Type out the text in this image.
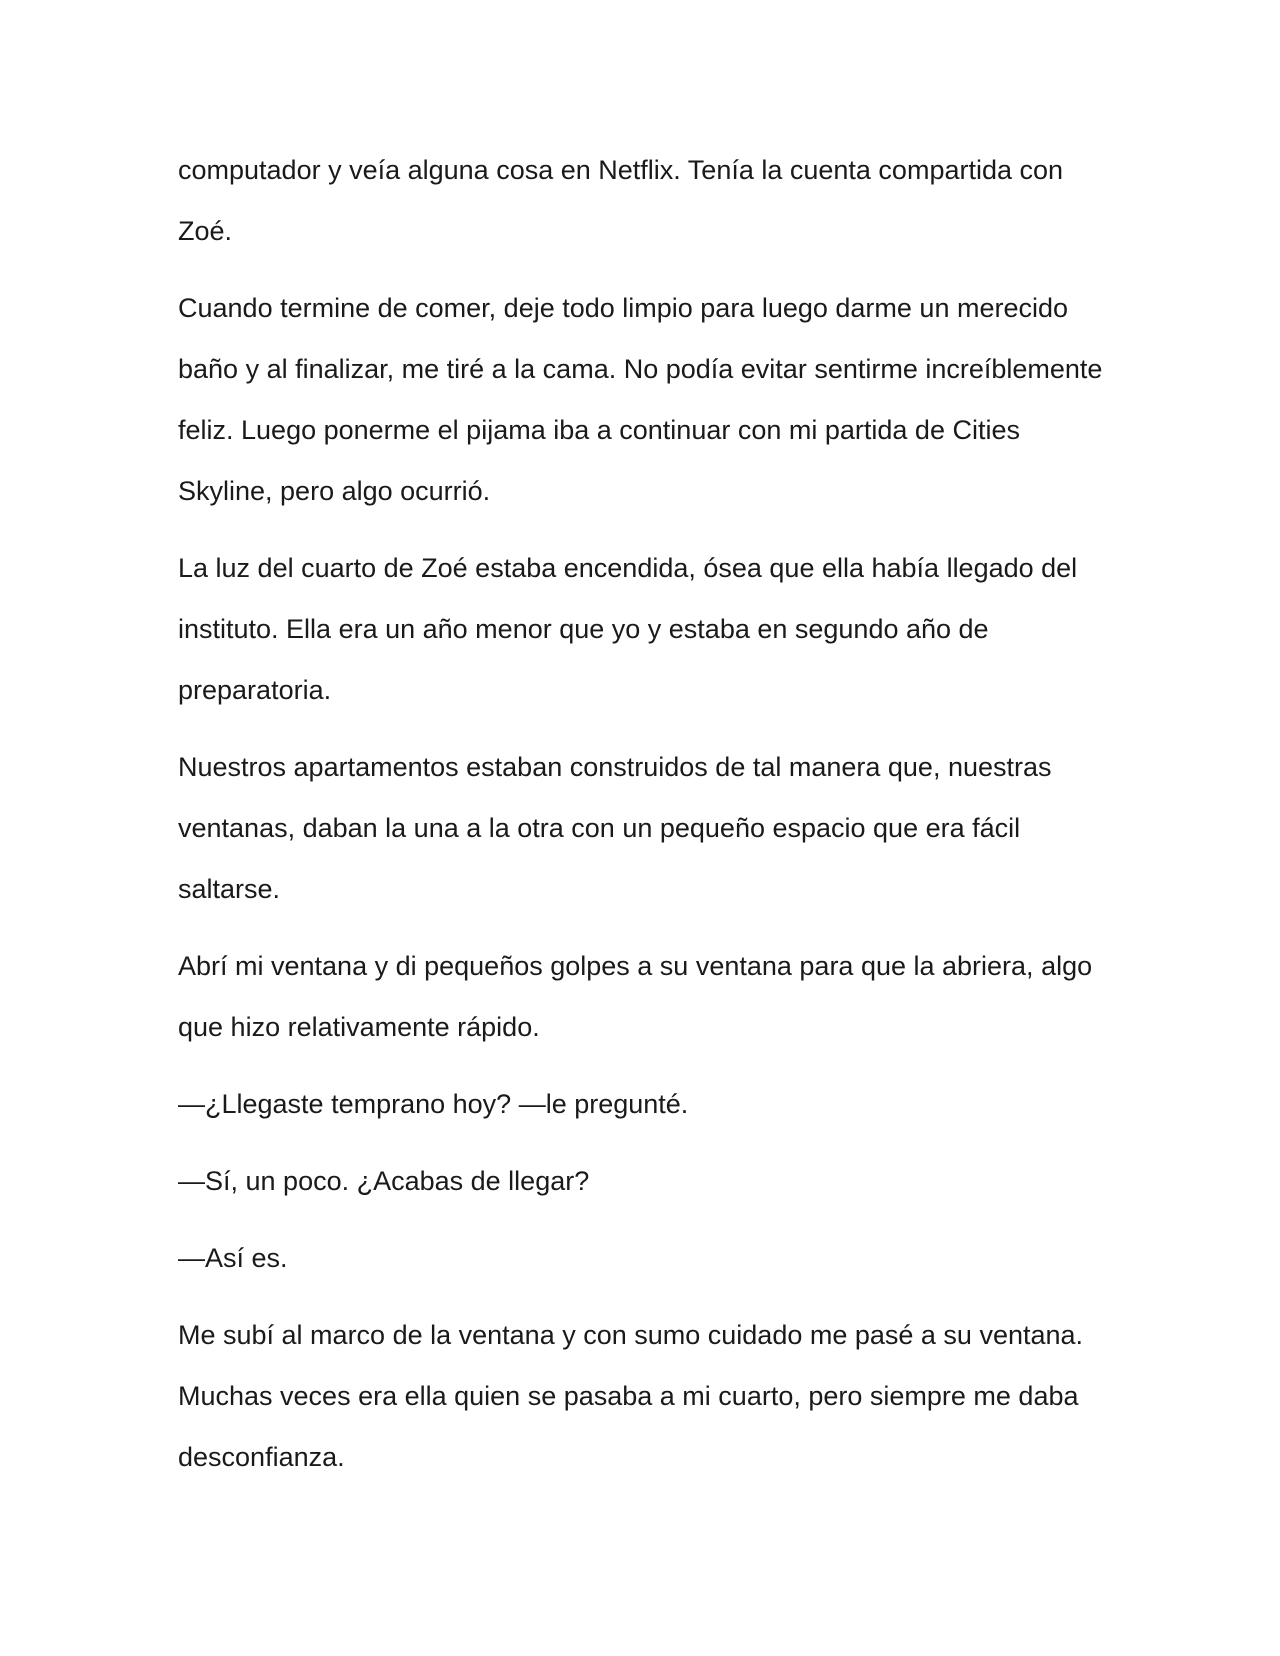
computador y veía alguna cosa en Netflix. Tenía la cuenta compartida con Zoé.

Cuando termine de comer, deje todo limpio para luego darme un merecido baño y al finalizar, me tiré a la cama. No podía evitar sentirme increíblemente feliz. Luego ponerme el pijama iba a continuar con mi partida de Cities Skyline, pero algo ocurrió.

La luz del cuarto de Zoé estaba encendida, ósea que ella había llegado del instituto. Ella era un año menor que yo y estaba en segundo año de preparatoria.

Nuestros apartamentos estaban construidos de tal manera que, nuestras ventanas, daban la una a la otra con un pequeño espacio que era fácil saltarse.

Abrí mi ventana y di pequeños golpes a su ventana para que la abriera, algo que hizo relativamente rápido.

—¿Llegaste temprano hoy? —le pregunté.

—Sí, un poco. ¿Acabas de llegar?

—Así es.

Me subí al marco de la ventana y con sumo cuidado me pasé a su ventana. Muchas veces era ella quien se pasaba a mi cuarto, pero siempre me daba desconfianza.
